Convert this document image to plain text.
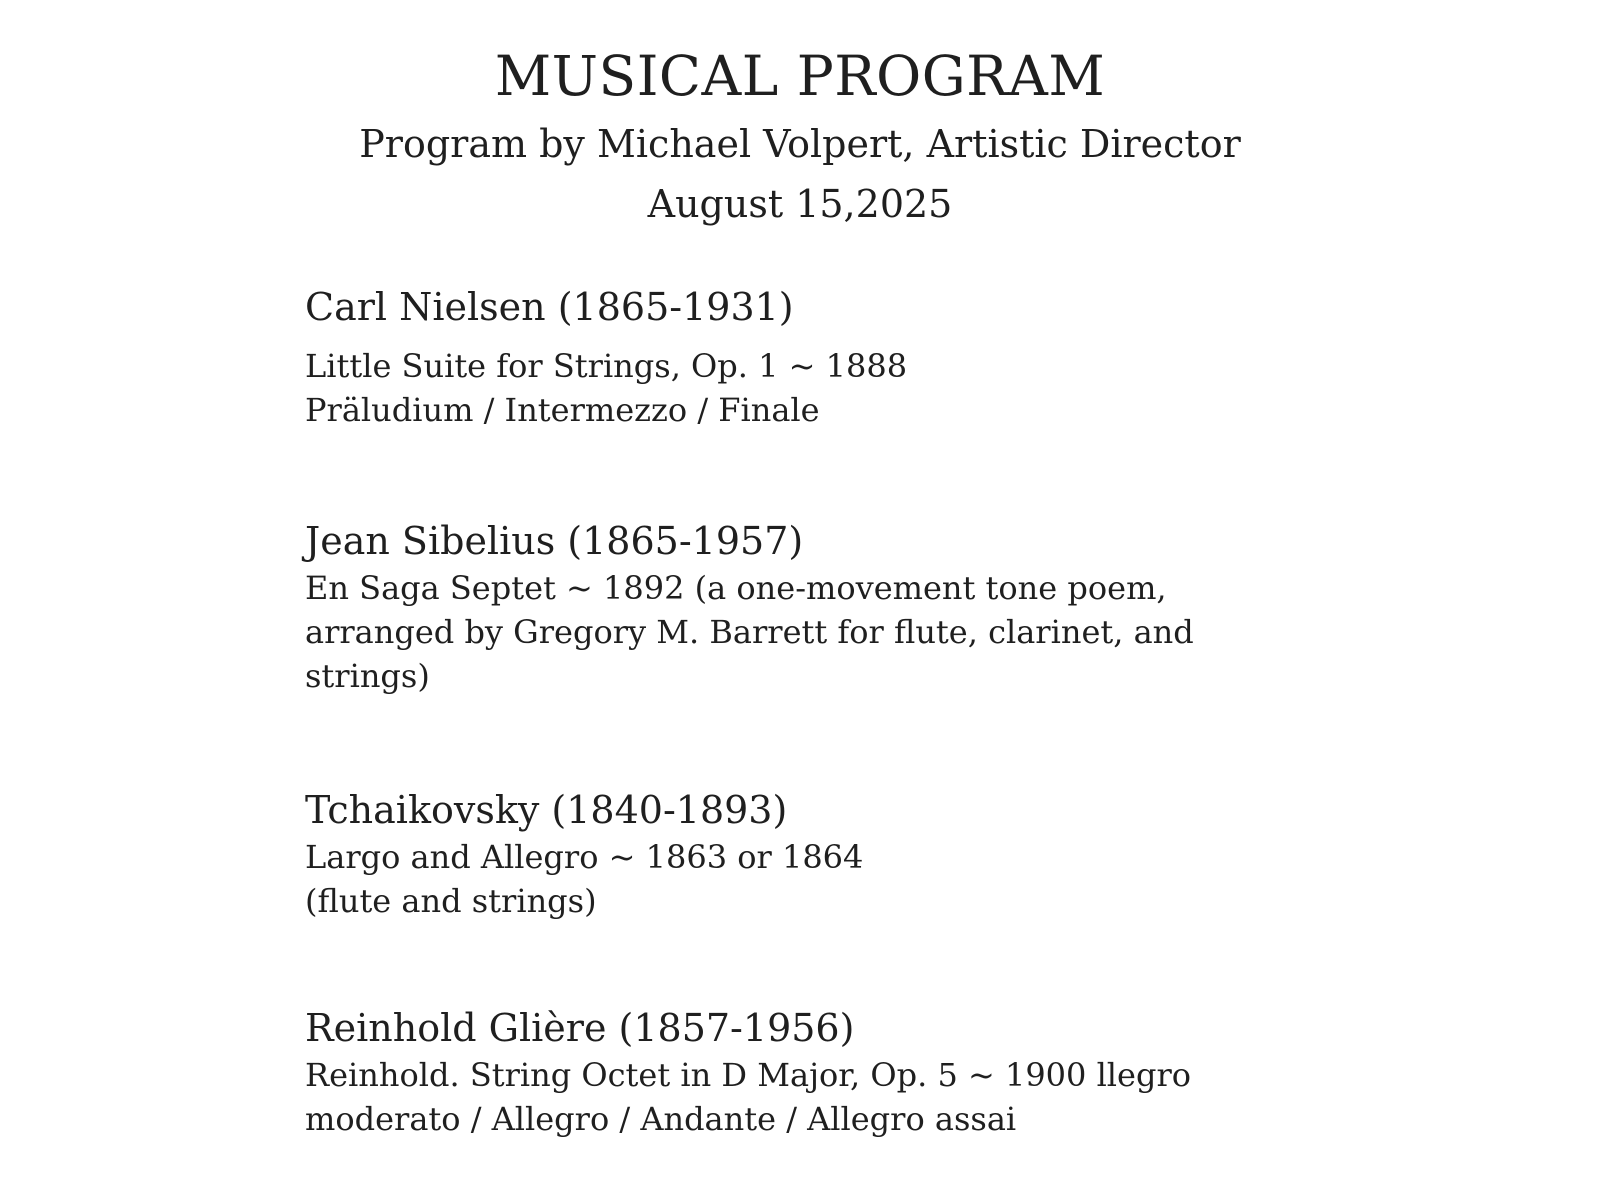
MUSICAL PROGRAM

Program by Michael Volpert, Artistic Director

August 15,2025

Carl Nielsen (1865-1931)

Little Suite for Strings, Op. 1 ~ 1888

Präludium / Intermezzo / Finale

Jean Sibelius (1865-1957)

En Saga Septet ~ 1892 (a one-movement tone poem,

arranged by Gregory M. Barrett for flute, clarinet, and

strings)

Tchaikovsky (1840-1893)

Largo and Allegro ~ 1863 or 1864

(flute and strings)

Reinhold Glière (1857-1956)

Reinhold. String Octet in D Major, Op. 5 ~ 1900 llegro

moderato / Allegro / Andante / Allegro assai
